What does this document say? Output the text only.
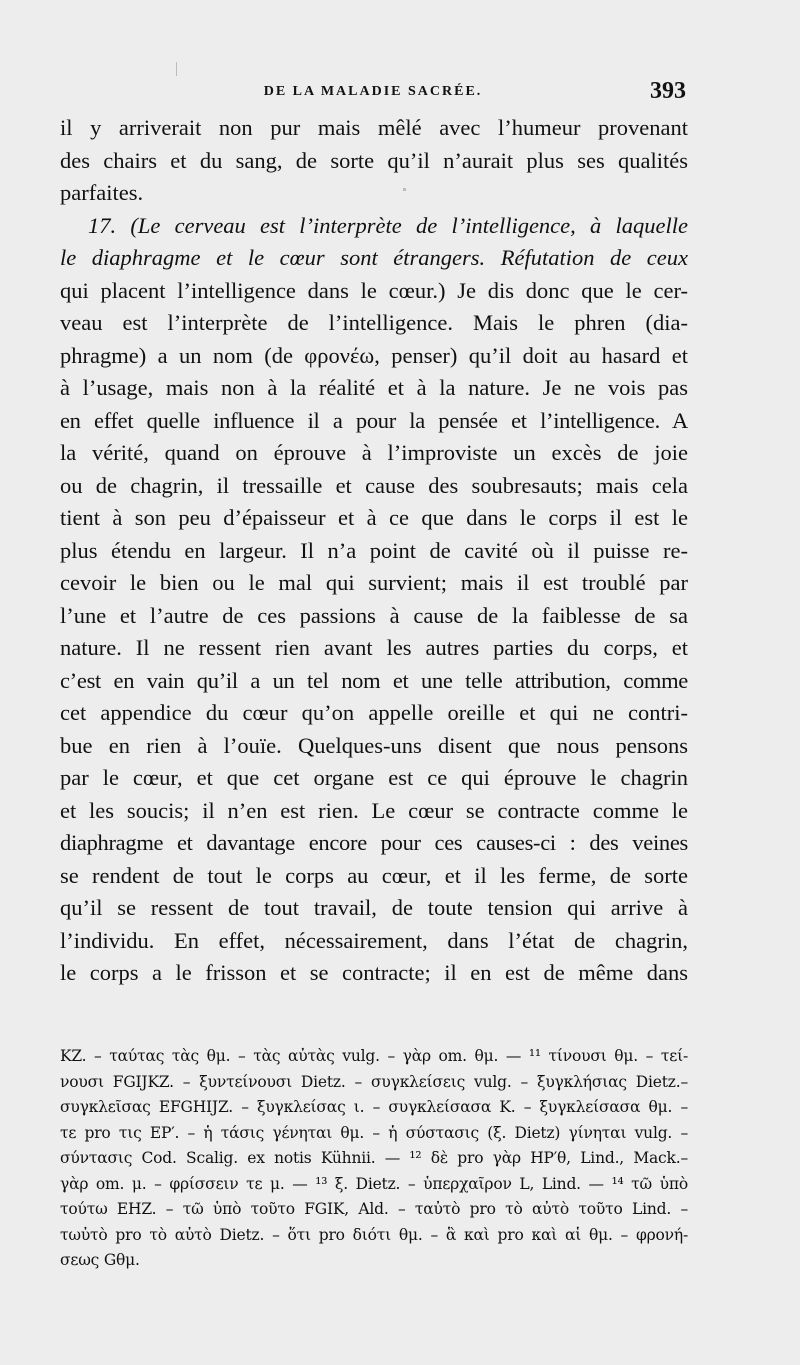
DE LA MALADIE SACRÉE.	393
il y arriverait non pur mais mêlé avec l’humeur provenant
des chairs et du sang, de sorte qu’il n’aurait plus ses qualités
parfaites.
17. (Le cerveau est l’interprète de l’intelligence, à laquelle
le diaphragme et le cœur sont étrangers. Réfutation de ceux
qui placent l’intelligence dans le cœur.) Je dis donc que le cer-
veau est l’interprète de l’intelligence. Mais le phren (dia-
phragme) a un nom (de φρονέω, penser) qu’il doit au hasard et
à l’usage, mais non à la réalité et à la nature. Je ne vois pas
en effet quelle influence il a pour la pensée et l’intelligence. A
la vérité, quand on éprouve à l’improviste un excès de joie
ou de chagrin, il tressaille et cause des soubresauts; mais cela
tient à son peu d’épaisseur et à ce que dans le corps il est le
plus étendu en largeur. Il n’a point de cavité où il puisse re-
cevoir le bien ou le mal qui survient; mais il est troublé par
l’une et l’autre de ces passions à cause de la faiblesse de sa
nature. Il ne ressent rien avant les autres parties du corps, et
c’est en vain qu’il a un tel nom et une telle attribution, comme
cet appendice du cœur qu’on appelle oreille et qui ne contri-
bue en rien à l’ouïe. Quelques-uns disent que nous pensons
par le cœur, et que cet organe est ce qui éprouve le chagrin
et les soucis; il n’en est rien. Le cœur se contracte comme le
diaphragme et davantage encore pour ces causes-ci : des veines
se rendent de tout le corps au cœur, et il les ferme, de sorte
qu’il se ressent de tout travail, de toute tension qui arrive à
l’individu. En effet, nécessairement, dans l’état de chagrin,
le corps a le frisson et se contracte; il en est de même dans
KZ. – ταύτας τὰς θμ. – τὰς αὐτὰς vulg. – γὰρ om. θμ. — ¹¹ τίνουσι θμ. – τεί-
νουσι FGIJKZ. – ξυντείνουσι Dietz. – συγκλείσεις vulg. – ξυγκλήσιας Dietz.–
συγκλεῖσας EFGHIJZ. – ξυγκλείσας ι. – συγκλείσασα K. – ξυγκλείσασα θμ. –
τε pro τις EP′. – ἡ τάσις γένηται θμ. – ἡ σύστασις (ξ. Dietz) γίνηται vulg. –
σύντασις Cod. Scalig. ex notis Kühnii. — ¹² δὲ pro γὰρ HP′θ, Lind., Mack.–
γὰρ om. μ. – φρίσσειν τε μ. — ¹³ ξ. Dietz. – ὑπερχαῖρον L, Lind. — ¹⁴ τῶ ὑπὸ
τούτω EHZ. – τῶ ὑπὸ τοῦτο FGIK, Ald. – ταὐτὸ pro τὸ αὐτὸ τοῦτο Lind. –
τωὐτὸ pro τὸ αὐτὸ Dietz. – ὅτι pro διότι θμ. – ἃ καὶ pro καὶ αἱ θμ. – φρονή-
σεως Gθμ.
